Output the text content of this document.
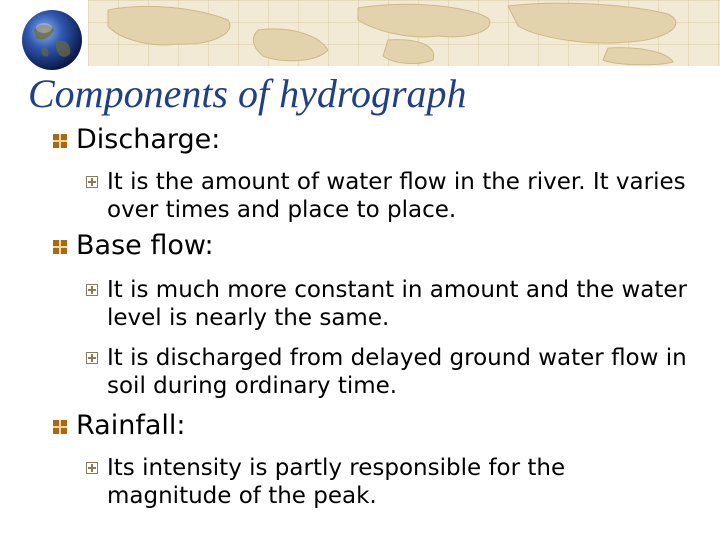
Components of hydrograph
Discharge:
It is the amount of water flow in the river. It varies over times and place to place.
Base flow:
It is much more constant in amount and the water level is nearly the same.
It is discharged from delayed ground water flow in soil during ordinary time.
Rainfall:
Its intensity is partly responsible for the magnitude of the peak.
